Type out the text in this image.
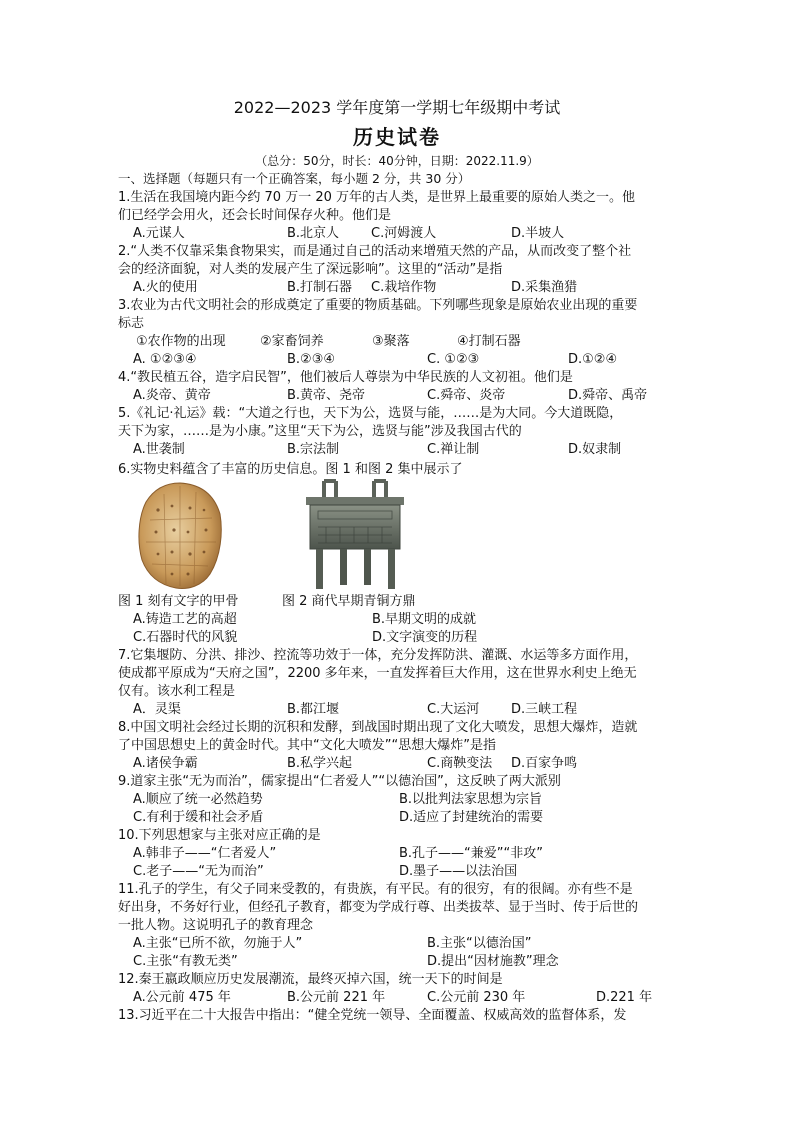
2022—2023 学年度第一学期七年级期中考试
历史试卷
（总分：50分，时长：40分钟，日期：2022.11.9）
一、选择题（每题只有一个正确答案，每小题 2 分，共 30 分）
1.生活在我国境内距今约 70 万一 20 万年的古人类，是世界上最重要的原始人类之一。他
们已经学会用火，还会长时间保存火种。他们是
A.元谋人	B.北京人 C.河姆渡人	D.半坡人
2.“人类不仅靠采集食物果实，而是通过自己的活动来增殖天然的产品，从而改变了整个社
会的经济面貌，对人类的发展产生了深远影响”。这里的“活动”是指
A.火的使用	B.打制石器 C.栽培作物	D.采集渔猎
3.农业为古代文明社会的形成奠定了重要的物质基础。下列哪些现象是原始农业出现的重要
标志
①农作物的出现	②家畜饲养	③聚落	④打制石器
A. ①②③④	B.②③④	C. ①②③	D.①②④
4.“教民植五谷，造字启民智”，他们被后人尊崇为中华民族的人文初祖。他们是
A.炎帝、黄帝	B.黄帝、尧帝	C.舜帝、炎帝	D.舜帝、禹帝
5.《礼记·礼运》载：“大道之行也，天下为公，选贤与能，……是为大同。今大道既隐，
天下为家，……是为小康。”这里“天下为公，选贤与能”涉及我国古代的
A.世袭制	B.宗法制	C.禅让制	D.奴隶制
6.实物史料蕴含了丰富的历史信息。图 1 和图 2 集中展示了
图 1 刻有文字的甲骨	图 2 商代早期青铜方鼎
A.铸造工艺的高超	B.早期文明的成就
C.石器时代的风貌	D.文字演变的历程
7.它集堰防、分洪、排沙、控流等功效于一体，充分发挥防洪、灌溉、水运等多方面作用，
使成都平原成为“天府之国”，2200 多年来，一直发挥着巨大作用，这在世界水利史上绝无
仅有。该水利工程是
A．灵渠	B.都江堰	C.大运河 D.三峡工程
8.中国文明社会经过长期的沉积和发酵，到战国时期出现了文化大喷发，思想大爆炸，造就
了中国思想史上的黄金时代。其中“文化大喷发”“思想大爆炸”是指
A.诸侯争霸	B.私学兴起	C.商鞅变法 D.百家争鸣
9.道家主张“无为而治”，儒家提出“仁者爱人”“以德治国”，这反映了两大派别
A.顺应了统一必然趋势	B.以批判法家思想为宗旨
C.有利于缓和社会矛盾	D.适应了封建统治的需要
10.下列思想家与主张对应正确的是
A.韩非子——“仁者爱人”	B.孔子——“兼爱”“非攻”
C.老子——“无为而治”	D.墨子——以法治国
11.孔子的学生，有父子同来受教的，有贵族，有平民。有的很穷，有的很阔。亦有些不是
好出身，不务好行业，但经孔子教育，都变为学成行尊、出类拔萃、显于当时、传于后世的
一批人物。这说明孔子的教育理念
A.主张“已所不欲，勿施于人”	B.主张“以德治国”
C.主张“有教无类”	D.提出“因材施教”理念
12.秦王嬴政顺应历史发展潮流，最终灭掉六国，统一天下的时间是
A.公元前 475 年	B.公元前 221 年	C.公元前 230 年	D.221 年
13.习近平在二十大报告中指出：“健全党统一领导、全面覆盖、权威高效的监督体系，发
